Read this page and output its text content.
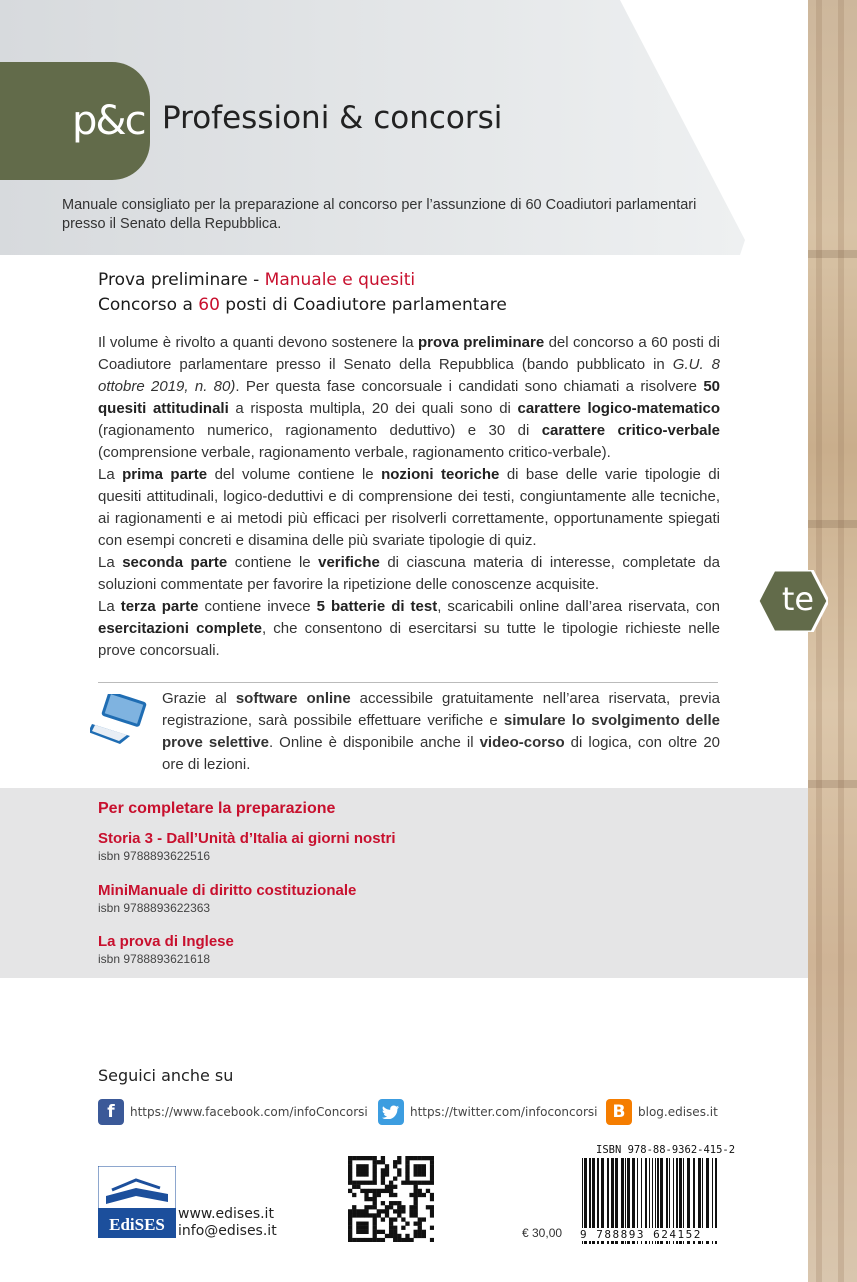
p&c Professioni & concorsi
Manuale consigliato per la preparazione al concorso per l’assunzione di 60 Coadiutori parlamentari presso il Senato della Repubblica.
Prova preliminare - Manuale e quesiti
Concorso a 60 posti di Coadiutore parlamentare

Il volume è rivolto a quanti devono sostenere la prova preliminare del concorso a 60 posti di Coadiutore parlamentare presso il Senato della Repubblica (bando pubblicato in G.U. 8 ottobre 2019, n. 80). Per questa fase concorsuale i candidati sono chiamati a risolvere 50 quesiti attitudinali a risposta multipla, 20 dei quali sono di carattere logico-matematico (ragionamento numerico, ragionamento deduttivo) e 30 di carattere critico-verbale (comprensione verbale, ragionamento verbale, ragionamento critico-verbale).

La prima parte del volume contiene le nozioni teoriche di base delle varie tipologie di quesiti attitudinali, logico-deduttivi e di comprensione dei testi, congiuntamente alle tecniche, ai ragionamenti e ai metodi più efficaci per risolverli correttamente, opportunamente spiegati con esempi concreti e disamina delle più svariate tipologie di quiz.

La seconda parte contiene le verifiche di ciascuna materia di interesse, completate da soluzioni commentate per favorire la ripetizione delle conoscenze acquisite.

La terza parte contiene invece 5 batterie di test, scaricabili online dall’area riservata, con esercitazioni complete, che consentono di esercitarsi su tutte le tipologie richieste nelle prove concorsuali.

Grazie al software online accessibile gratuitamente nell’area riservata, previa registrazione, sarà possibile effettuare verifiche e simulare lo svolgimento delle prove selettive. Online è disponibile anche il video-corso di logica, con oltre 20 ore di lezioni.
te
Per completare la preparazione
Storia 3 - Dall’Unità d’Italia ai giorni nostri
isbn 9788893622516
MiniManuale di diritto costituzionale
isbn 9788893622363
La prova di Inglese
isbn 9788893621618
Seguici anche su
f	https://www.facebook.com/infoConcorsi	https://twitter.com/infoconcorsi B	blog.edises.it
EdiSES
www.edises.it
info@edises.it	€ 30,00
ISBN 978-88-9362-415-2
9 788893 624152
